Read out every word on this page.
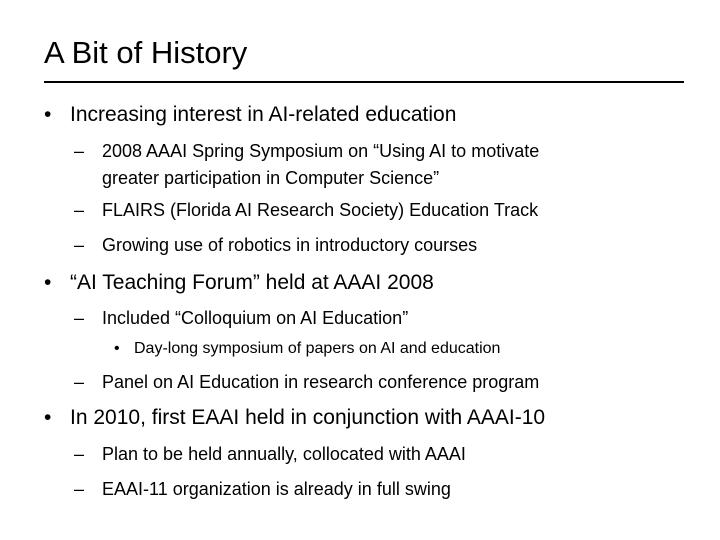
A Bit of History
• Increasing interest in AI-related education
– 2008 AAAI Spring Symposium on “Using AI to motivate
greater participation in Computer Science”
– FLAIRS (Florida AI Research Society) Education Track
– Growing use of robotics in introductory courses
• “AI Teaching Forum” held at AAAI 2008
– Included “Colloquium on AI Education”
• Day-long symposium of papers on AI and education
– Panel on AI Education in research conference program
• In 2010, first EAAI held in conjunction with AAAI-10
– Plan to be held annually, collocated with AAAI
– EAAI-11 organization is already in full swing
